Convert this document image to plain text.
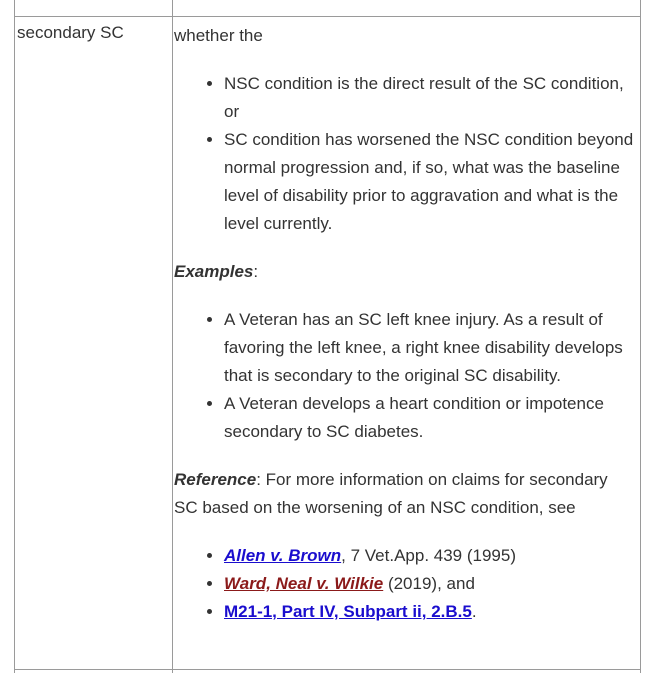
secondary SC	whether the

• NSC condition is the direct result of the SC condition, or
• SC condition has worsened the NSC condition beyond normal progression and, if so, what was the baseline level of disability prior to aggravation and what is the level currently.

Examples:

• A Veteran has an SC left knee injury. As a result of favoring the left knee, a right knee disability develops that is secondary to the original SC disability.
• A Veteran develops a heart condition or impotence secondary to SC diabetes.

Reference: For more information on claims for secondary SC based on the worsening of an NSC condition, see

• Allen v. Brown, 7 Vet.App. 439 (1995)
• Ward, Neal v. Wilkie (2019), and
• M21-1, Part IV, Subpart ii, 2.B.5.
